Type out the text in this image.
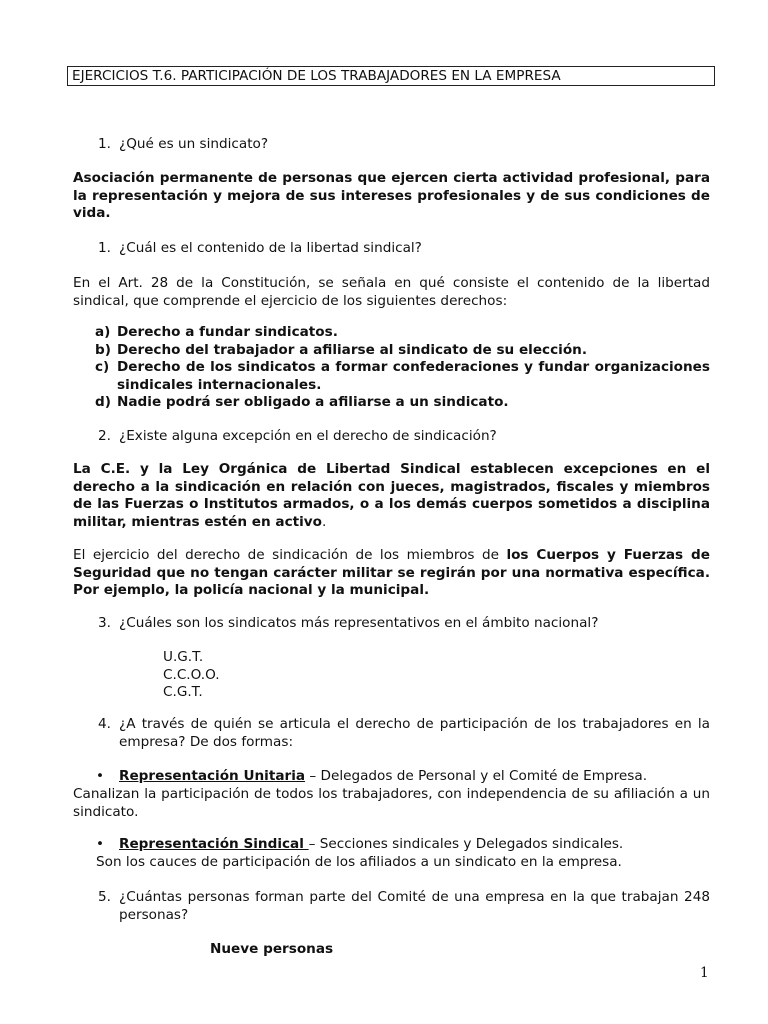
EJERCICIOS T.6. PARTICIPACIÓN DE LOS TRABAJADORES EN LA EMPRESA
1. ¿Qué es un sindicato?
Asociación permanente de personas que ejercen cierta actividad profesional, para la representación y mejora de sus intereses profesionales y de sus condiciones de vida.
1. ¿Cuál es el contenido de la libertad sindical?
En el Art. 28 de la Constitución, se señala en qué consiste el contenido de la libertad sindical, que comprende el ejercicio de los siguientes derechos:
a) Derecho a fundar sindicatos.
b) Derecho del trabajador a afiliarse al sindicato de su elección.
c) Derecho de los sindicatos a formar confederaciones y fundar organizaciones sindicales internacionales.
d) Nadie podrá ser obligado a afiliarse a un sindicato.
2. ¿Existe alguna excepción en el derecho de sindicación?
La C.E. y la Ley Orgánica de Libertad Sindical establecen excepciones en el derecho a la sindicación en relación con jueces, magistrados, fiscales y miembros de las Fuerzas o Institutos armados, o a los demás cuerpos sometidos a disciplina militar, mientras estén en activo.
El ejercicio del derecho de sindicación de los miembros de los Cuerpos y Fuerzas de Seguridad que no tengan carácter militar se regirán por una normativa específica. Por ejemplo, la policía nacional y la municipal.
3. ¿Cuáles son los sindicatos más representativos en el ámbito nacional?
U.G.T.
C.C.O.O.
C.G.T.
4. ¿A través de quién se articula el derecho de participación de los trabajadores en la empresa? De dos formas:
• Representación Unitaria – Delegados de Personal y el Comité de Empresa.
Canalizan la participación de todos los trabajadores, con independencia de su afiliación a un sindicato.
• Representación Sindical – Secciones sindicales y Delegados sindicales.
Son los cauces de participación de los afiliados a un sindicato en la empresa.
5. ¿Cuántas personas forman parte del Comité de una empresa en la que trabajan 248 personas?
Nueve personas
1
